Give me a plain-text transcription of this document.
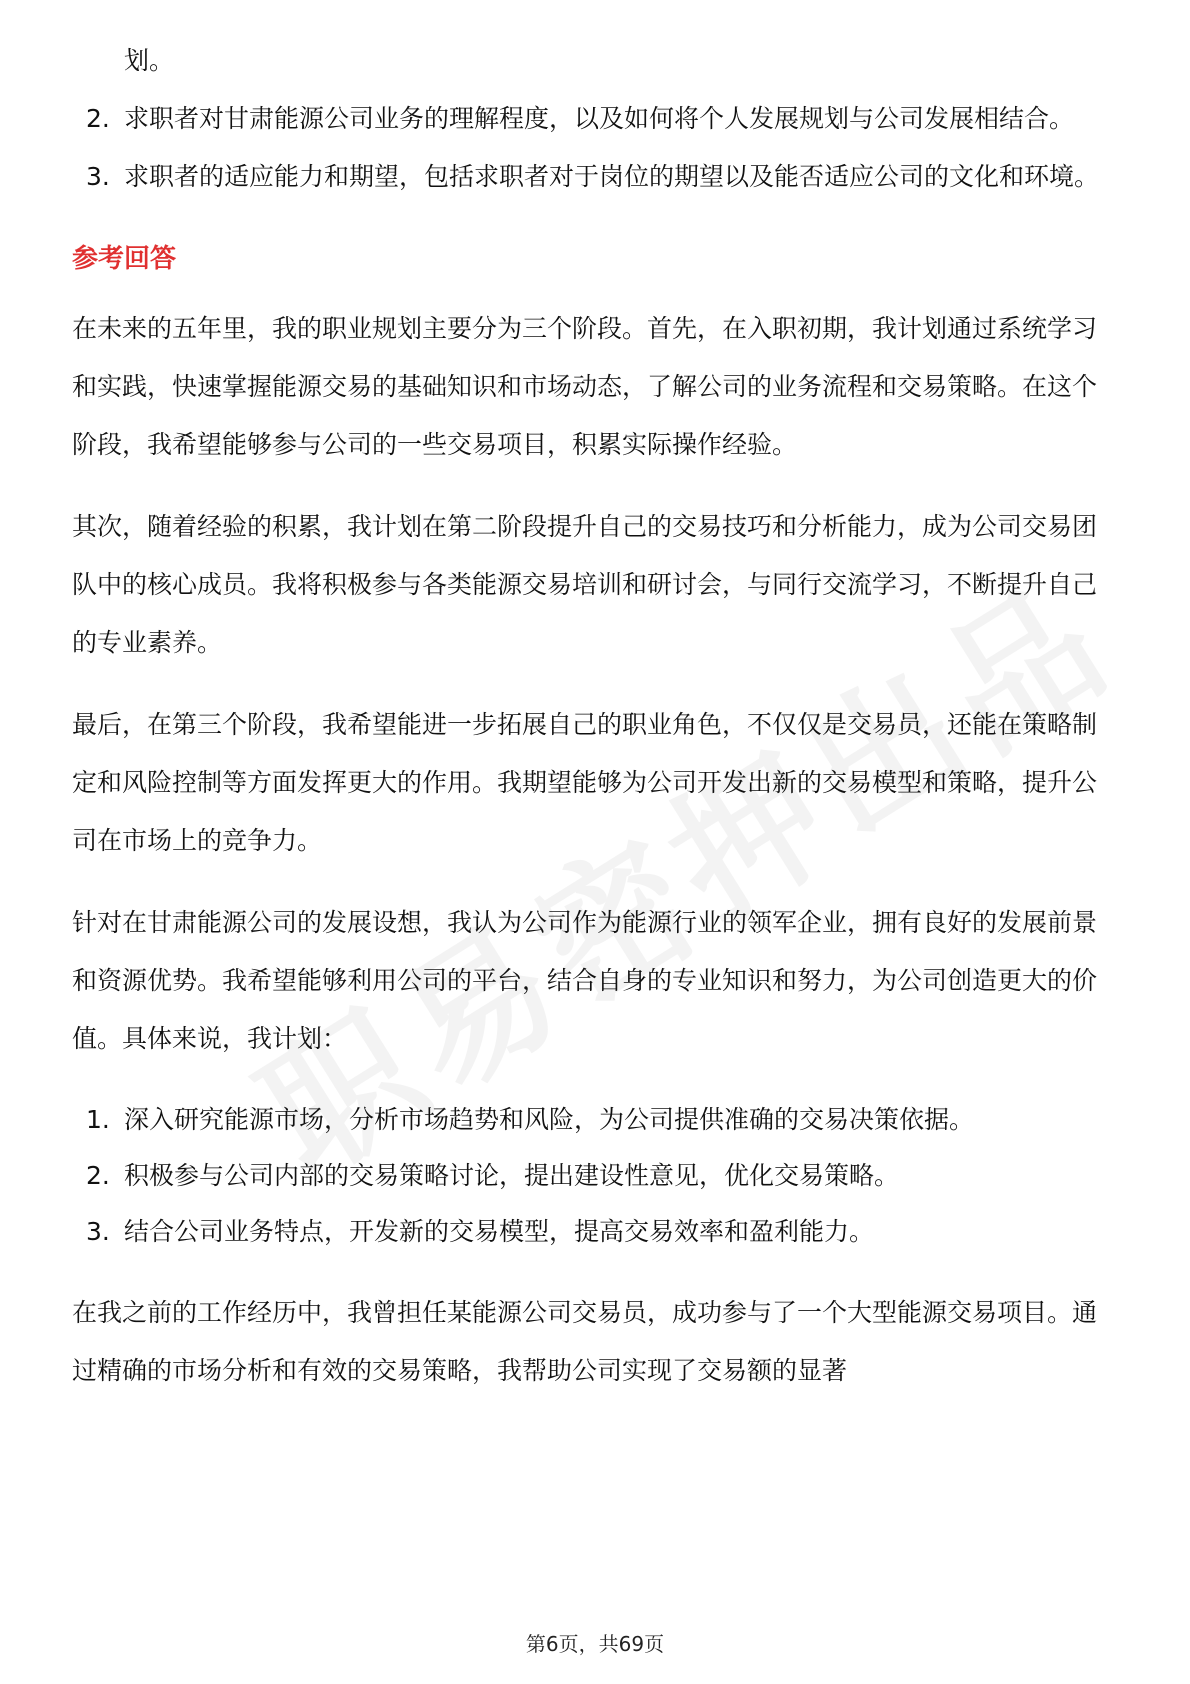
划。
2. 求职者对甘肃能源公司业务的理解程度，以及如何将个人发展规划与公司发展相结合。
3. 求职者的适应能力和期望，包括求职者对于岗位的期望以及能否适应公司的文化和环境。
参考回答

在未来的五年里，我的职业规划主要分为三个阶段。首先，在入职初期，我计划通过系统学习和实践，快速掌握能源交易的基础知识和市场动态，了解公司的业务流程和交易策略。在这个阶段，我希望能够参与公司的一些交易项目，积累实际操作经验。

其次，随着经验的积累，我计划在第二阶段提升自己的交易技巧和分析能力，成为公司交易团队中的核心成员。我将积极参与各类能源交易培训和研讨会，与同行交流学习，不断提升自己的专业素养。

最后，在第三个阶段，我希望能进一步拓展自己的职业角色，不仅仅是交易员，还能在策略制定和风险控制等方面发挥更大的作用。我期望能够为公司开发出新的交易模型和策略，提升公司在市场上的竞争力。

针对在甘肃能源公司的发展设想，我认为公司作为能源行业的领军企业，拥有良好的发展前景和资源优势。我希望能够利用公司的平台，结合自身的专业知识和努力，为公司创造更大的价值。具体来说，我计划：

1. 深入研究能源市场，分析市场趋势和风险，为公司提供准确的交易决策依据。
2. 积极参与公司内部的交易策略讨论，提出建设性意见，优化交易策略。
3. 结合公司业务特点，开发新的交易模型，提高交易效率和盈利能力。

在我之前的工作经历中，我曾担任某能源公司交易员，成功参与了一个大型能源交易项目。通过精确的市场分析和有效的交易策略，我帮助公司实现了交易额的显著

第6页，共69页
